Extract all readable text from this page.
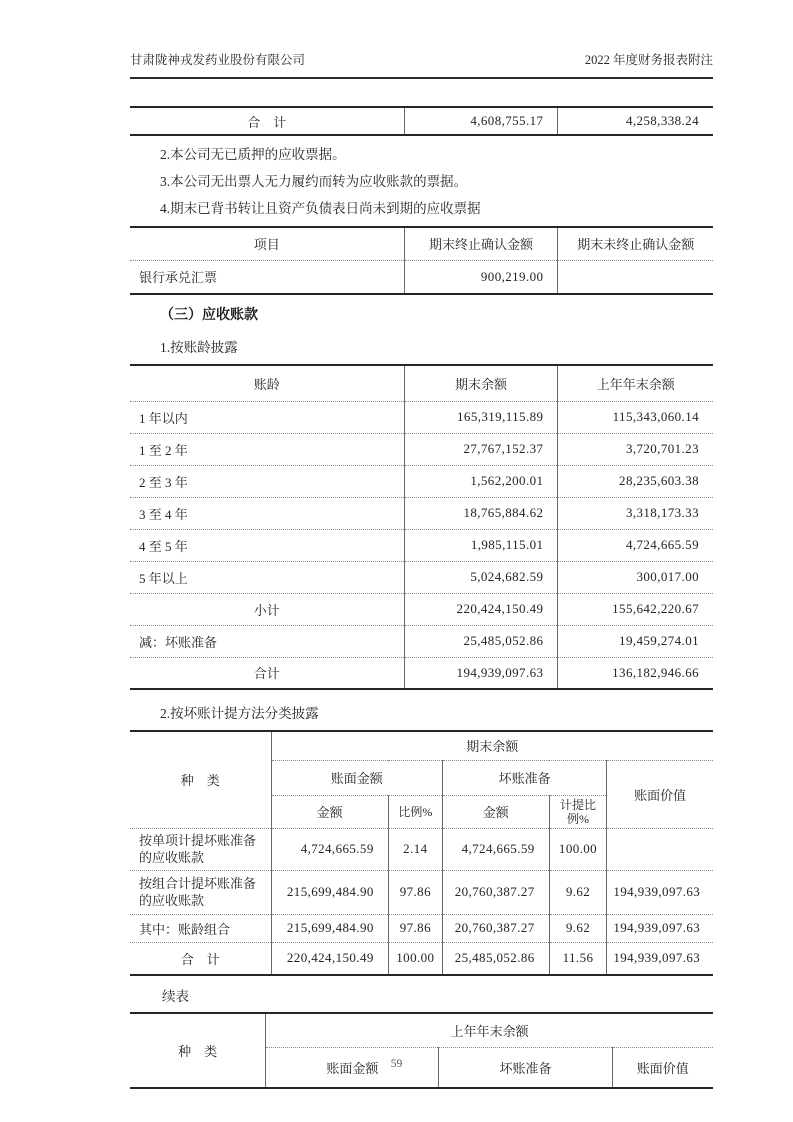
甘肃陇神戎发药业股份有限公司	2022 年度财务报表附注
合　计	4,608,755.17	4,258,338.24
2.本公司无已质押的应收票据。
3.本公司无出票人无力履约而转为应收账款的票据。
4.期末已背书转让且资产负债表日尚未到期的应收票据
项目	期末终止确认金额	期末未终止确认金额
银行承兑汇票	900,219.00	
（三）应收账款
1.按账龄披露
账龄	期末余额	上年年末余额
1 年以内	165,319,115.89	115,343,060.14
1 至 2 年	27,767,152.37	3,720,701.23
2 至 3 年	1,562,200.01	28,235,603.38
3 至 4 年	18,765,884.62	3,318,173.33
4 至 5 年	1,985,115.01	4,724,665.59
5 年以上	5,024,682.59	300,017.00
小计	220,424,150.49	155,642,220.67
减：坏账准备	25,485,052.86	19,459,274.01
合计	194,939,097.63	136,182,946.66
2.按坏账计提方法分类披露
种　类	期末余额				
	账面金额		坏账准备		账面价值
	金额	比例%	金额	计提比例%	
按单项计提坏账准备的应收账款	4,724,665.59	2.14	4,724,665.59	100.00	
按组合计提坏账准备的应收账款	215,699,484.90	97.86	20,760,387.27	9.62	194,939,097.63
其中：账龄组合	215,699,484.90	97.86	20,760,387.27	9.62	194,939,097.63
合　计	220,424,150.49	100.00	25,485,052.86	11.56	194,939,097.63
续表
种　类	上年年末余额		
	账面金额	坏账准备	账面价值
59
